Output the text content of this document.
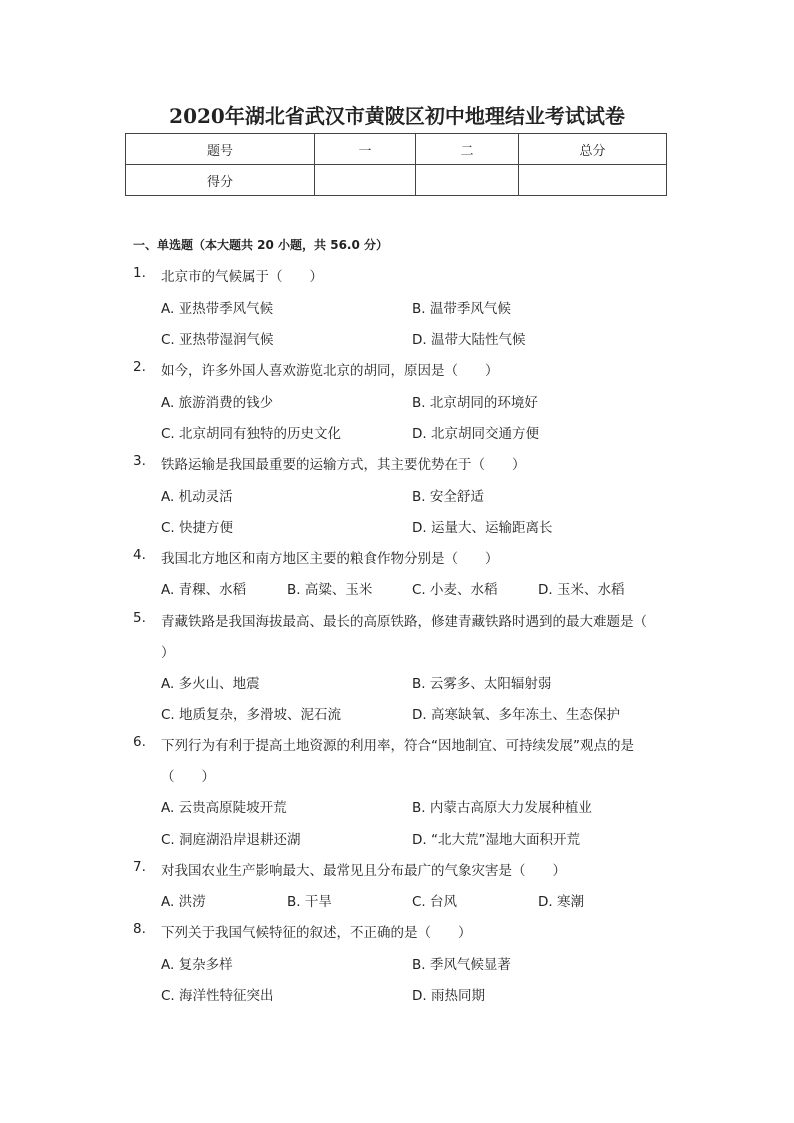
2020年湖北省武汉市黄陂区初中地理结业考试试卷
题号	一	二	总分
得分			
一、单选题（本大题共 20 小题，共 56.0 分）
1.	北京市的气候属于（　　）
A. 亚热带季风气候	B. 温带季风气候
C. 亚热带湿润气候	D. 温带大陆性气候
2.	如今，许多外国人喜欢游览北京的胡同，原因是（　　）
A. 旅游消费的钱少	B. 北京胡同的环境好
C. 北京胡同有独特的历史文化	D. 北京胡同交通方便
3.	铁路运输是我国最重要的运输方式，其主要优势在于（　　）
A. 机动灵活	B. 安全舒适
C. 快捷方便	D. 运量大、运输距离长
4.	我国北方地区和南方地区主要的粮食作物分别是（　　）
A. 青稞、水稻	B. 高粱、玉米	C. 小麦、水稻	D. 玉米、水稻
5.	青藏铁路是我国海拔最高、最长的高原铁路，修建青藏铁路时遇到的最大难题是（
）
A. 多火山、地震	B. 云雾多、太阳辐射弱
C. 地质复杂，多滑坡、泥石流	D. 高寒缺氧、多年冻土、生态保护
6.	下列行为有利于提高土地资源的利用率，符合“因地制宜、可持续发展”观点的是
（　　）
A. 云贵高原陡坡开荒	B. 内蒙古高原大力发展种植业
C. 洞庭湖沿岸退耕还湖	D. “北大荒”湿地大面积开荒
7.	对我国农业生产影响最大、最常见且分布最广的气象灾害是（　　）
A. 洪涝	B. 干旱	C. 台风	D. 寒潮
8.	下列关于我国气候特征的叙述，不正确的是（　　）
A. 复杂多样	B. 季风气候显著
C. 海洋性特征突出	D. 雨热同期
